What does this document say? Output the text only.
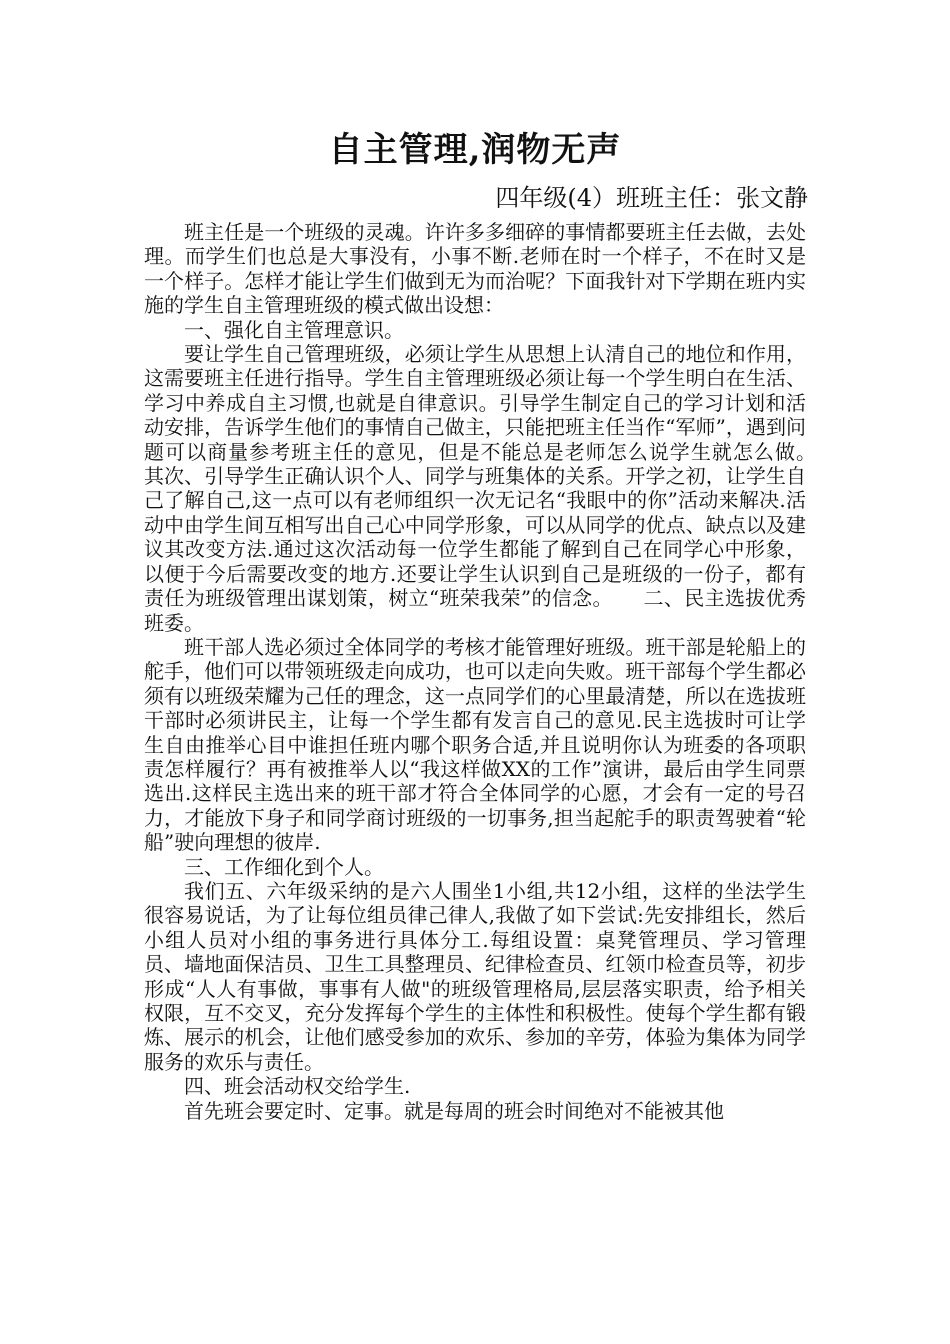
自主管理,润物无声
四年级(4）班班主任：张文静

班主任是一个班级的灵魂。许许多多细碎的事情都要班主任去做，去处理。而学生们也总是大事没有，小事不断.老师在时一个样子，不在时又是一个样子。怎样才能让学生们做到无为而治呢？下面我针对下学期在班内实施的学生自主管理班级的模式做出设想：

一、强化自主管理意识。

要让学生自己管理班级，必须让学生从思想上认清自己的地位和作用，这需要班主任进行指导。学生自主管理班级必须让每一个学生明白在生活、学习中养成自主习惯,也就是自律意识。引导学生制定自己的学习计划和活动安排，告诉学生他们的事情自己做主，只能把班主任当作“军师”，遇到问题可以商量参考班主任的意见，但是不能总是老师怎么说学生就怎么做。　其次、引导学生正确认识个人、同学与班集体的关系。开学之初，让学生自己了解自己,这一点可以有老师组织一次无记名“我眼中的你”活动来解决.活动中由学生间互相写出自己心中同学形象，可以从同学的优点、缺点以及建议其改变方法.通过这次活动每一位学生都能了解到自己在同学心中形象，以便于今后需要改变的地方.还要让学生认识到自己是班级的一份子，都有责任为班级管理出谋划策，树立“班荣我荣”的信念。　　二、民主选拔优秀班委。

班干部人选必须过全体同学的考核才能管理好班级。班干部是轮船上的舵手，他们可以带领班级走向成功，也可以走向失败。班干部每个学生都必须有以班级荣耀为己任的理念，这一点同学们的心里最清楚，所以在选拔班干部时必须讲民主，让每一个学生都有发言自己的意见.民主选拔时可让学生自由推举心目中谁担任班内哪个职务合适,并且说明你认为班委的各项职责怎样履行？再有被推举人以“我这样做XX的工作”演讲，最后由学生同票选出.这样民主选出来的班干部才符合全体同学的心愿，才会有一定的号召力，才能放下身子和同学商讨班级的一切事务,担当起舵手的职责驾驶着“轮船”驶向理想的彼岸.

三、工作细化到个人。

我们五、六年级采纳的是六人围坐1小组,共12小组，这样的坐法学生很容易说话，为了让每位组员律己律人,我做了如下尝试:先安排组长，然后小组人员对小组的事务进行具体分工.每组设置：桌凳管理员、学习管理员、墙地面保洁员、卫生工具整理员、纪律检查员、红领巾检查员等，初步形成“人人有事做，事事有人做"的班级管理格局,层层落实职责，给予相关权限，互不交叉，充分发挥每个学生的主体性和积极性。使每个学生都有锻炼、展示的机会，让他们感受参加的欢乐、参加的辛劳，体验为集体为同学服务的欢乐与责任。

四、班会活动权交给学生.

首先班会要定时、定事。就是每周的班会时间绝对不能被其他
